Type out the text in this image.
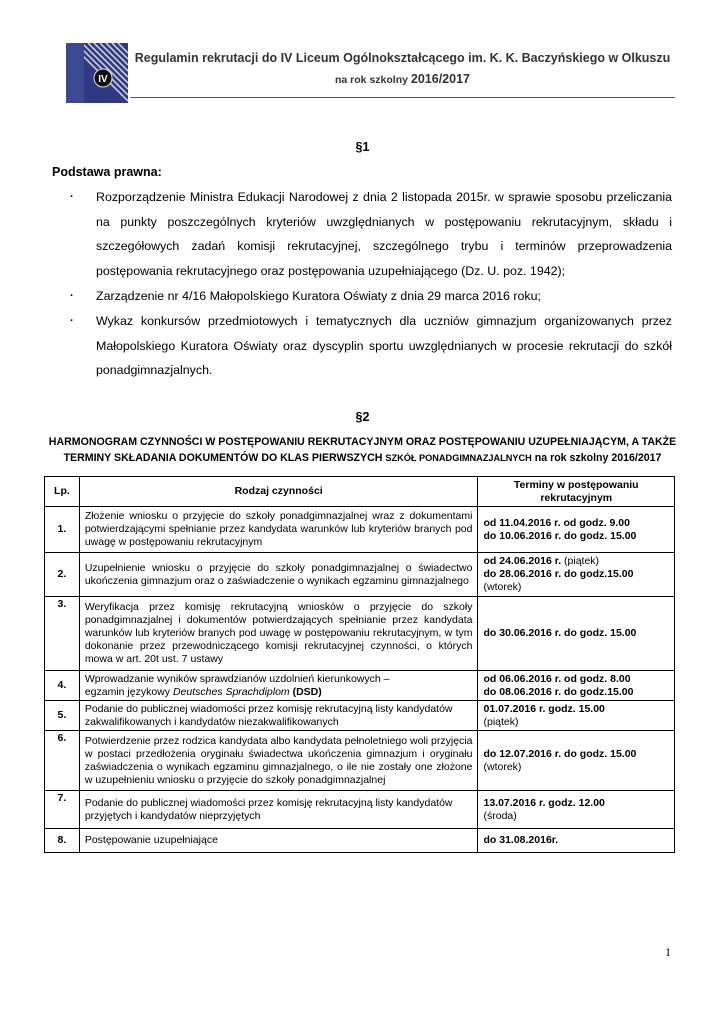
IV
Regulamin rekrutacji do IV Liceum Ogólnokształcącego im. K. K. Baczyńskiego w Olkuszu
na rok szkolny 2016/2017
§1
Podstawa prawna:
· Rozporządzenie Ministra Edukacji Narodowej z dnia 2 listopada 2015r. w sprawie sposobu przeliczania na punkty poszczególnych kryteriów uwzględnianych w postępowaniu rekrutacyjnym, składu i szczegółowych zadań komisji rekrutacyjnej, szczególnego trybu i terminów przeprowadzenia postępowania rekrutacyjnego oraz postępowania uzupełniającego (Dz. U. poz. 1942);
· Zarządzenie nr 4/16 Małopolskiego Kuratora Oświaty z dnia 29 marca 2016 roku;
· Wykaz konkursów przedmiotowych i tematycznych dla uczniów gimnazjum organizowanych przez Małopolskiego Kuratora Oświaty oraz dyscyplin sportu uwzględnianych w procesie rekrutacji do szkół ponadgimnazjalnych.
§2
HARMONOGRAM CZYNNOŚCI W POSTĘPOWANIU REKRUTACYJNYM ORAZ POSTĘPOWANIU UZUPEŁNIAJĄCYM, A TAKŻE
TERMINY SKŁADANIA DOKUMENTÓW DO KLAS PIERWSZYCH SZKÓŁ PONADGIMNAZJALNYCH na rok szkolny 2016/2017
Lp.	Rodzaj czynności	Terminy w postępowaniu rekrutacyjnym
1.	Złożenie wniosku o przyjęcie do szkoły ponadgimnazjalnej wraz z dokumentami potwierdzającymi spełnianie przez kandydata warunków lub kryteriów branych pod uwagę w postępowaniu rekrutacyjnym	od 11.04.2016 r. od godz. 9.00
do 10.06.2016 r. do godz. 15.00

2.	Uzupełnienie wniosku o przyjęcie do szkoły ponadgimnazjalnej o świadectwo ukończenia gimnazjum oraz o zaświadczenie o wynikach egzaminu gimnazjalnego	od 24.06.2016 r. (piątek)
do 28.06.2016 r. do godz.15.00
(wtorek)

3.	Weryfikacja przez komisję rekrutacyjną wniosków o przyjęcie do szkoły ponadgimnazjalnej i dokumentów potwierdzających spełnianie przez kandydata warunków lub kryteriów branych pod uwagę w postępowaniu rekrutacyjnym, w tym dokonanie przez przewodniczącego komisji rekrutacyjnej czynności, o których mowa w art. 20t ust. 7 ustawy	do 30.06.2016 r. do godz. 15.00
4.	Wprowadzanie wyników sprawdzianów uzdolnień kierunkowych –
egzamin językowy Deutsches Sprachdiplom (DSD)	od 06.06.2016 r. od godz. 8.00
do 08.06.2016 r. do godz.15.00

5.	Podanie do publicznej wiadomości przez komisję rekrutacyjną listy kandydatów zakwalifikowanych i kandydatów niezakwalifikowanych	01.07.2016 r. godz. 15.00
(piątek)

6.	Potwierdzenie przez rodzica kandydata albo kandydata pełnoletniego woli przyjęcia w postaci przedłożenia oryginału świadectwa ukończenia gimnazjum i oryginału zaświadczenia o wynikach egzaminu gimnazjalnego, o ile nie zostały one złożone w uzupełnieniu wniosku o przyjęcie do szkoły ponadgimnazjalnej	do 12.07.2016 r. do godz. 15.00
(wtorek)

7.	Podanie do publicznej wiadomości przez komisję rekrutacyjną listy kandydatów przyjętych i kandydatów nieprzyjętych	13.07.2016 r. godz. 12.00
(środa)

8.	Postępowanie uzupełniające	do 31.08.2016r.
1
